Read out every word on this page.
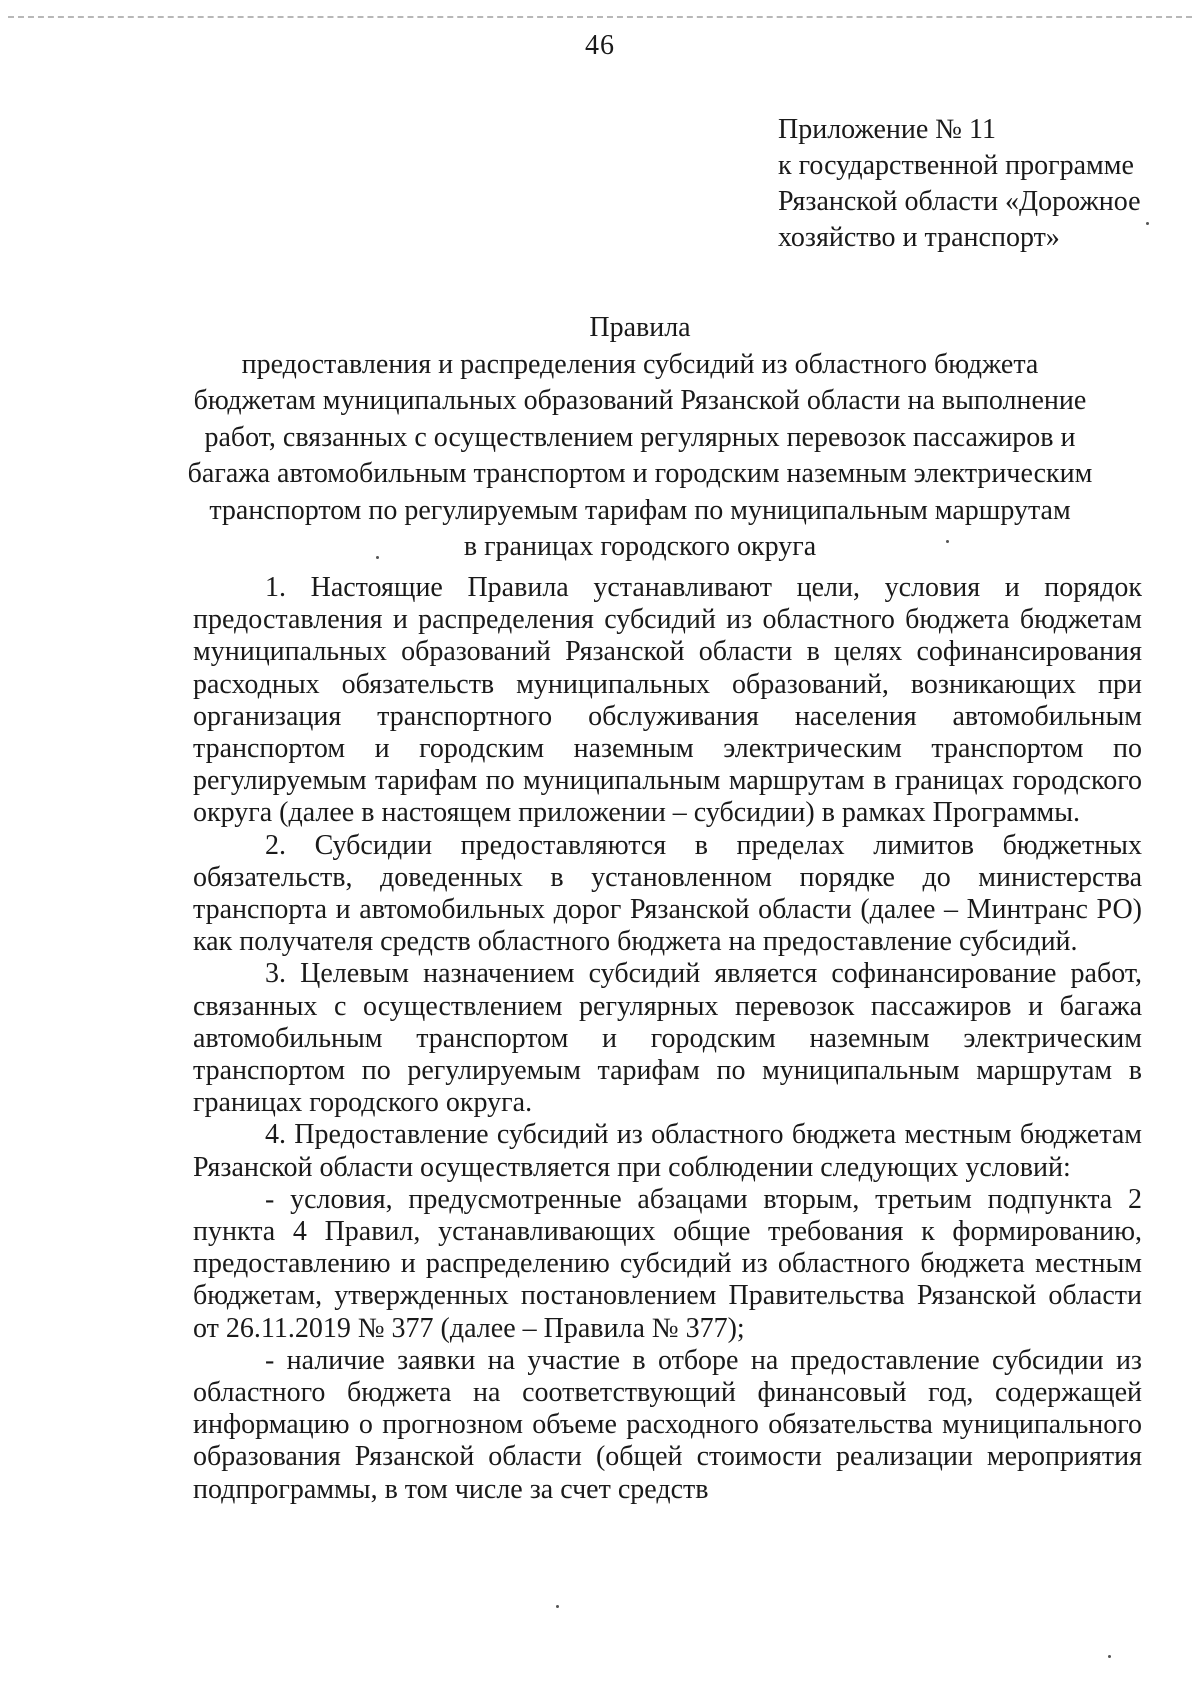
46
Приложение № 11
к государственной программе
Рязанской области «Дорожное
хозяйство и транспорт»
Правила
предоставления и распределения субсидий из областного бюджета
бюджетам муниципальных образований Рязанской области на выполнение
работ, связанных с осуществлением регулярных перевозок пассажиров и
багажа автомобильным транспортом и городским наземным электрическим
транспортом по регулируемым тарифам по муниципальным маршрутам
в границах городского округа

1. Настоящие Правила устанавливают цели, условия и порядок предоставления и распределения субсидий из областного бюджета бюджетам муниципальных образований Рязанской области в целях софинансирования расходных обязательств муниципальных образований, возникающих при организация транспортного обслуживания населения автомобильным транспортом и городским наземным электрическим транспортом по регулируемым тарифам по муниципальным маршрутам в границах городского округа (далее в настоящем приложении – субсидии) в рамках Программы.

2. Субсидии предоставляются в пределах лимитов бюджетных обязательств, доведенных в установленном порядке до министерства транспорта и автомобильных дорог Рязанской области (далее – Минтранс РО) как получателя средств областного бюджета на предоставление субсидий.

3. Целевым назначением субсидий является софинансирование работ, связанных с осуществлением регулярных перевозок пассажиров и багажа автомобильным транспортом и городским наземным электрическим транспортом по регулируемым тарифам по муниципальным маршрутам в границах городского округа.

4. Предоставление субсидий из областного бюджета местным бюджетам Рязанской области осуществляется при соблюдении следующих условий:

- условия, предусмотренные абзацами вторым, третьим подпункта 2 пункта 4 Правил, устанавливающих общие требования к формированию, предоставлению и распределению субсидий из областного бюджета местным бюджетам, утвержденных постановлением Правительства Рязанской области от 26.11.2019 № 377 (далее – Правила № 377);

- наличие заявки на участие в отборе на предоставление субсидии из областного бюджета на соответствующий финансовый год, содержащей информацию о прогнозном объеме расходного обязательства муниципального образования Рязанской области (общей стоимости реализации мероприятия подпрограммы, в том числе за счет средств
